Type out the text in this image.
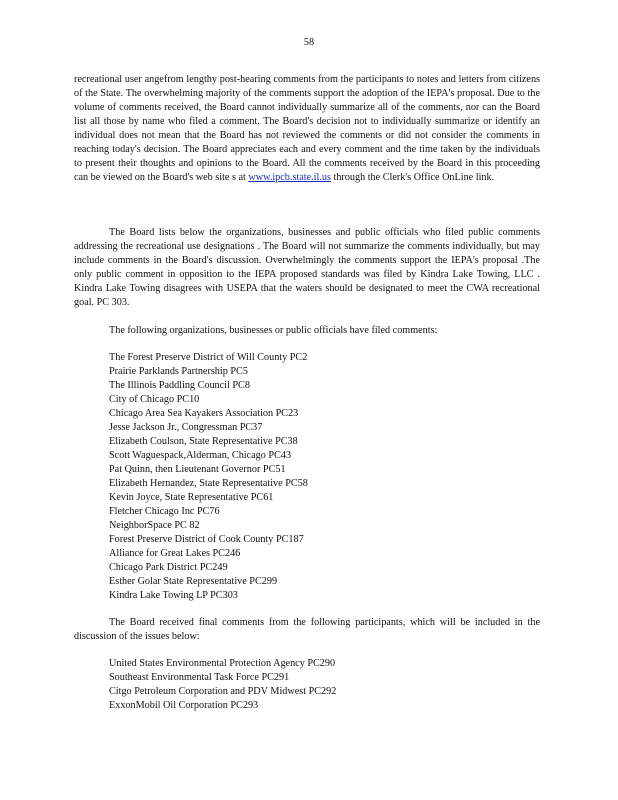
58

recreational user angefrom lengthy post-hearing comments from the participants to notes and letters from citizens of the State. The overwhelming majority of the comments support the adoption of the IEPA's proposal. Due to the volume of comments received, the Board cannot individually summarize all of the comments, nor can the Board list all those by name who filed a comment. The Board's decision not to individually summarize or identify an individual does not mean that the Board has not reviewed the comments or did not consider the comments in reaching today's decision. The Board appreciates each and every comment and the time taken by the individuals to present their thoughts and opinions to the Board. All the comments received by the Board in this proceeding can be viewed on the Board's web site s at www.ipcb.state.il.us through the Clerk's Office OnLine link.

The Board lists below the organizations, businesses and public officials who filed public comments addressing the recreational use designations . The Board will not summarize the comments individually, but may include comments in the Board's discussion. Overwhelmingly the comments support the IEPA's proposal .The only public comment in opposition to the IEPA proposed standards was filed by Kindra Lake Towing, LLC . Kindra Lake Towing disagrees with USEPA that the waters should be designated to meet the CWA recreational goal. PC 303.

The following organizations, businesses or public officials have filed comments:

The Forest Preserve District of Will County PC2
Prairie Parklands Partnership PC5
The Illinois Paddling Council PC8
City of Chicago PC10
Chicago Area Sea Kayakers Association PC23
Jesse Jackson Jr., Congressman PC37
Elizabeth Coulson, State Representative PC38
Scott Waguespack,Alderman, Chicago PC43
Pat Quinn, then Lieutenant Governor PC51
Elizabeth Hernandez, State Representative PC58
Kevin Joyce, State Representative PC61
Fletcher Chicago Inc PC76
NeighborSpace PC 82
Forest Preserve District of Cook County PC187
Alliance for Great Lakes PC246
Chicago Park District PC249
Esther Golar State Representative PC299
Kindra Lake Towing LP PC303

The Board received final comments from the following participants, which will be included in the discussion of the issues below:

United States Environmental Protection Agency PC290
Southeast Environmental Task Force PC291
Citgo Petroleum Corporation and PDV Midwest PC292
ExxonMobil Oil Corporation PC293
